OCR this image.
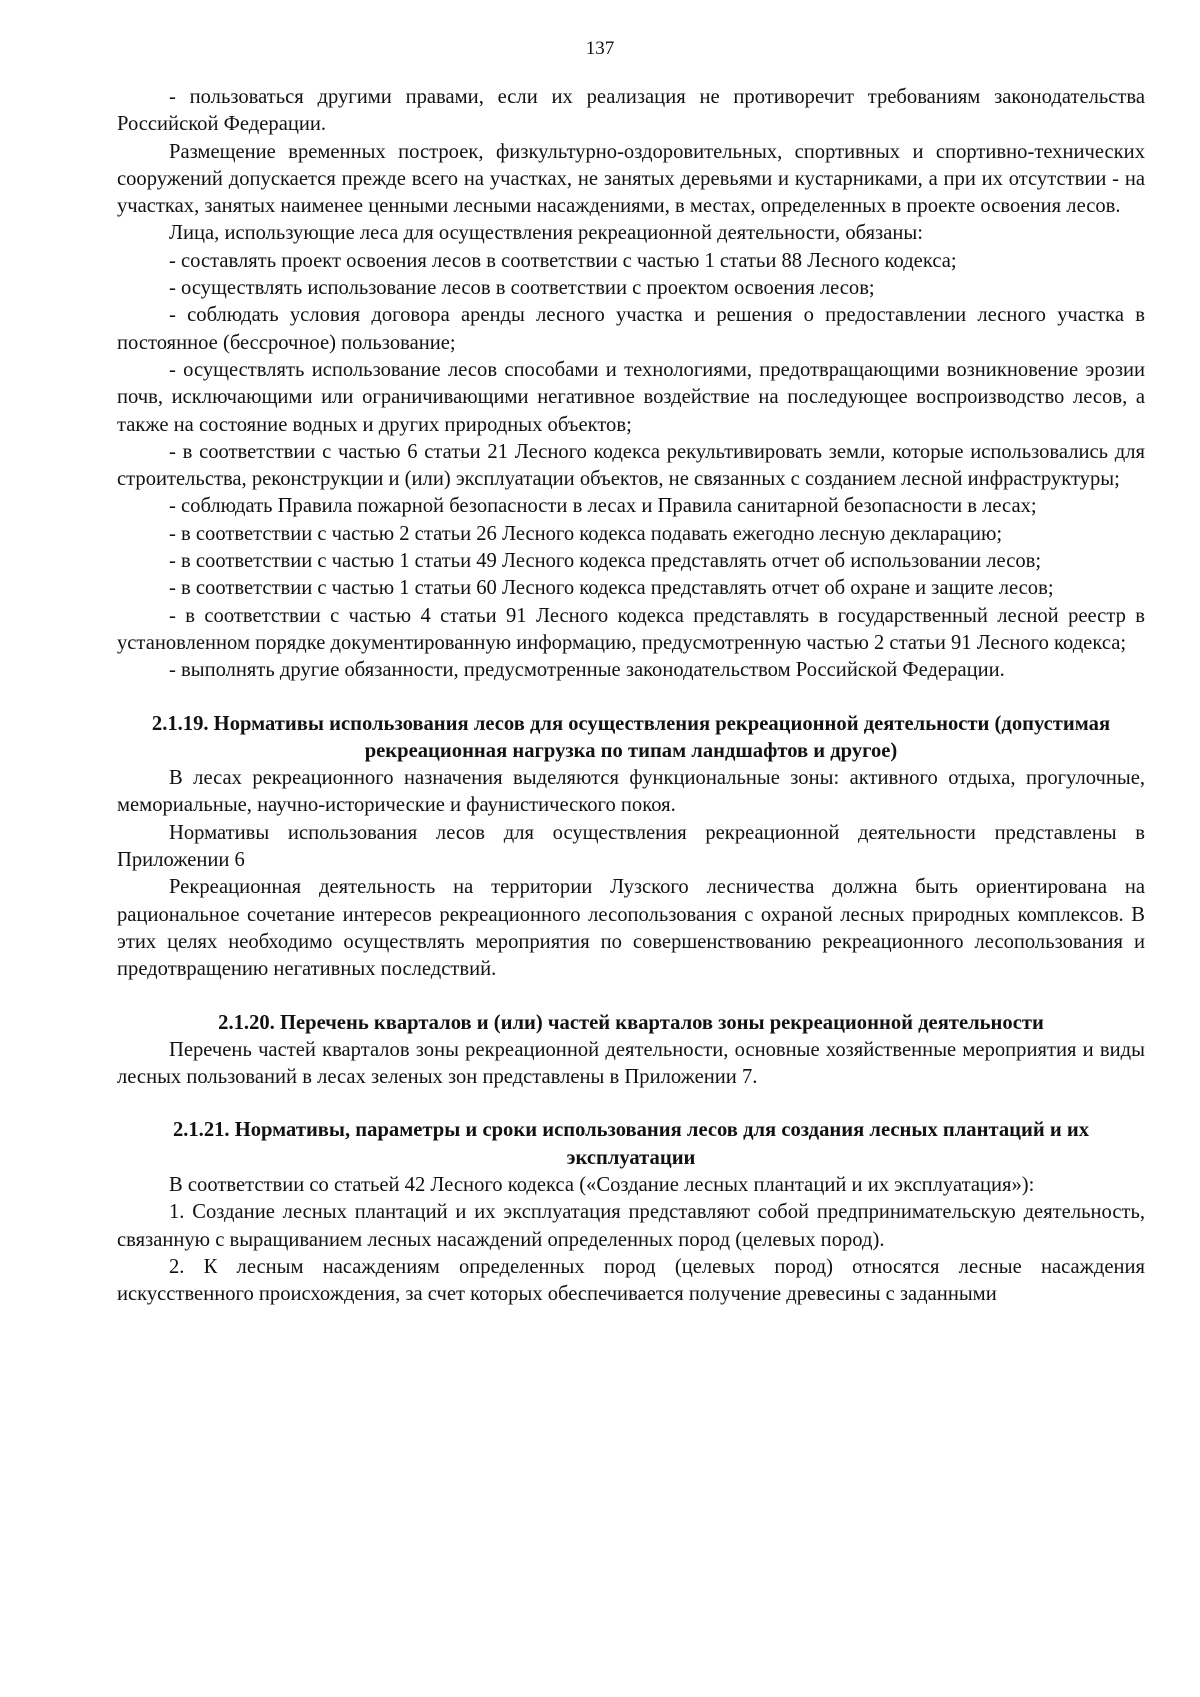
137

- пользоваться другими правами, если их реализация не противоречит требованиям законодательства Российской Федерации.

Размещение временных построек, физкультурно-оздоровительных, спортивных и спортивно-технических сооружений допускается прежде всего на участках, не занятых деревьями и кустарниками, а при их отсутствии - на участках, занятых наименее ценными лесными насаждениями, в местах, определенных в проекте освоения лесов.

Лица, использующие леса для осуществления рекреационной деятельности, обязаны:

- составлять проект освоения лесов в соответствии с частью 1 статьи 88 Лесного кодекса;

- осуществлять использование лесов в соответствии с проектом освоения лесов;

- соблюдать условия договора аренды лесного участка и решения о предоставлении лесного участка в постоянное (бессрочное) пользование;

- осуществлять использование лесов способами и технологиями, предотвращающими возникновение эрозии почв, исключающими или ограничивающими негативное воздействие на последующее воспроизводство лесов, а также на состояние водных и других природных объектов;

- в соответствии с частью 6 статьи 21 Лесного кодекса рекультивировать земли, которые использовались для строительства, реконструкции и (или) эксплуатации объектов, не связанных с созданием лесной инфраструктуры;

- соблюдать Правила пожарной безопасности в лесах и Правила санитарной безопасности в лесах;

- в соответствии с частью 2 статьи 26 Лесного кодекса подавать ежегодно лесную декларацию;

- в соответствии с частью 1 статьи 49 Лесного кодекса представлять отчет об использовании лесов;

- в соответствии с частью 1 статьи 60 Лесного кодекса представлять отчет об охране и защите лесов;

- в соответствии с частью 4 статьи 91 Лесного кодекса представлять в государственный лесной реестр в установленном порядке документированную информацию, предусмотренную частью 2 статьи 91 Лесного кодекса;

- выполнять другие обязанности, предусмотренные законодательством Российской Федерации.

2.1.19. Нормативы использования лесов для осуществления рекреационной деятельности (допустимая рекреационная нагрузка по типам ландшафтов и другое)

В лесах рекреационного назначения выделяются функциональные зоны: активного отдыха, прогулочные, мемориальные, научно-исторические и фаунистического покоя.

Нормативы использования лесов для осуществления рекреационной деятельности представлены в Приложении 6

Рекреационная деятельность на территории Лузского лесничества должна быть ориентирована на рациональное сочетание интересов рекреационного лесопользования с охраной лесных природных комплексов. В этих целях необходимо осуществлять мероприятия по совершенствованию рекреационного лесопользования и предотвращению негативных последствий.

2.1.20. Перечень кварталов и (или) частей кварталов зоны рекреационной деятельности

Перечень частей кварталов зоны рекреационной деятельности, основные хозяйственные мероприятия и виды лесных пользований в лесах зеленых зон представлены в Приложении 7.

2.1.21. Нормативы, параметры и сроки использования лесов для создания лесных плантаций и их эксплуатации

В соответствии со статьей 42 Лесного кодекса («Создание лесных плантаций и их эксплуатация»):

1. Создание лесных плантаций и их эксплуатация представляют собой предпринимательскую деятельность, связанную с выращиванием лесных насаждений определенных пород (целевых пород).

2. К лесным насаждениям определенных пород (целевых пород) относятся лесные насаждения искусственного происхождения, за счет которых обеспечивается получение древесины с заданными
